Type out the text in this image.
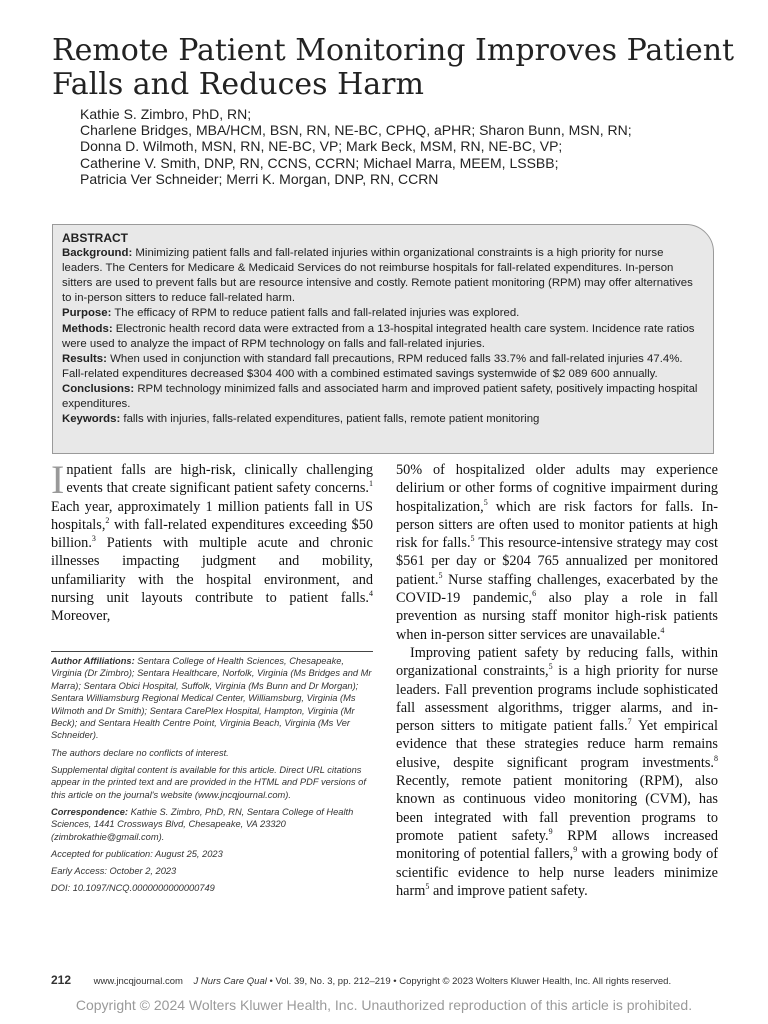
Remote Patient Monitoring Improves Patient Falls and Reduces Harm
Kathie S. Zimbro, PhD, RN;
Charlene Bridges, MBA/HCM, BSN, RN, NE-BC, CPHQ, aPHR; Sharon Bunn, MSN, RN;
Donna D. Wilmoth, MSN, RN, NE-BC, VP; Mark Beck, MSM, RN, NE-BC, VP;
Catherine V. Smith, DNP, RN, CCNS, CCRN; Michael Marra, MEEM, LSSBB;
Patricia Ver Schneider; Merri K. Morgan, DNP, RN, CCRN
ABSTRACT
Background: Minimizing patient falls and fall-related injuries within organizational constraints is a high priority for nurse leaders. The Centers for Medicare & Medicaid Services do not reimburse hospitals for fall-related expenditures. In-person sitters are used to prevent falls but are resource intensive and costly. Remote patient monitoring (RPM) may offer alternatives to in-person sitters to reduce fall-related harm.
Purpose: The efficacy of RPM to reduce patient falls and fall-related injuries was explored.
Methods: Electronic health record data were extracted from a 13-hospital integrated health care system. Incidence rate ratios were used to analyze the impact of RPM technology on falls and fall-related injuries.
Results: When used in conjunction with standard fall precautions, RPM reduced falls 33.7% and fall-related injuries 47.4%. Fall-related expenditures decreased $304 400 with a combined estimated savings systemwide of $2 089 600 annually.
Conclusions: RPM technology minimized falls and associated harm and improved patient safety, positively impacting hospital expenditures.
Keywords: falls with injuries, falls-related expenditures, patient falls, remote patient monitoring

Inpatient falls are high-risk, clinically challenging events that create significant patient safety concerns.$^1$ Each year, approximately 1 million patients fall in US hospitals,$^2$ with fall-related expenditures exceeding $50 billion.$^3$ Patients with multiple acute and chronic illnesses impacting judgment and mobility, unfamiliarity with the hospital environment, and nursing unit layouts contribute to patient falls.$^4$ Moreover,

Author Affiliations: Sentara College of Health Sciences, Chesapeake, Virginia (Dr Zimbro); Sentara Healthcare, Norfolk, Virginia (Ms Bridges and Mr Marra); Sentara Obici Hospital, Suffolk, Virginia (Ms Bunn and Dr Morgan); Sentara Williamsburg Regional Medical Center, Williamsburg, Virginia (Ms Wilmoth and Dr Smith); Sentara CarePlex Hospital, Hampton, Virginia (Mr Beck); and Sentara Health Centre Point, Virginia Beach, Virginia (Ms Ver Schneider).

The authors declare no conflicts of interest.

Supplemental digital content is available for this article. Direct URL citations appear in the printed text and are provided in the HTML and PDF versions of this article on the journal's website (www.jncqjournal.com).

Correspondence: Kathie S. Zimbro, PhD, RN, Sentara College of Health Sciences, 1441 Crossways Blvd, Chesapeake, VA 23320 (zimbrokathie@gmail.com).

Accepted for publication: August 25, 2023

Early Access: October 2, 2023

DOI: 10.1097/NCQ.0000000000000749

50% of hospitalized older adults may experience delirium or other forms of cognitive impairment during hospitalization,$^5$ which are risk factors for falls. In-person sitters are often used to monitor patients at high risk for falls.$^5$ This resource-intensive strategy may cost $561 per day or $204 765 annualized per monitored patient.$^5$ Nurse staffing challenges, exacerbated by the COVID-19 pandemic,$^6$ also play a role in fall prevention as nursing staff monitor high-risk patients when in-person sitter services are unavailable.$^4$

Improving patient safety by reducing falls, within organizational constraints,$^5$ is a high priority for nurse leaders. Fall prevention programs include sophisticated fall assessment algorithms, trigger alarms, and in-person sitters to mitigate patient falls.$^7$ Yet empirical evidence that these strategies reduce harm remains elusive, despite significant program investments.$^8$ Recently, remote patient monitoring (RPM), also known as continuous video monitoring (CVM), has been integrated with fall prevention programs to promote patient safety.$^9$ RPM allows increased monitoring of potential fallers,$^9$ with a growing body of scientific evidence to help nurse leaders minimize harm$^5$ and improve patient safety.

212 www.jncqjournal.com J Nurs Care Qual • Vol. 39, No. 3, pp. 212–219 • Copyright © 2023 Wolters Kluwer Health, Inc. All rights reserved.
Copyright © 2024 Wolters Kluwer Health, Inc. Unauthorized reproduction of this article is prohibited.
